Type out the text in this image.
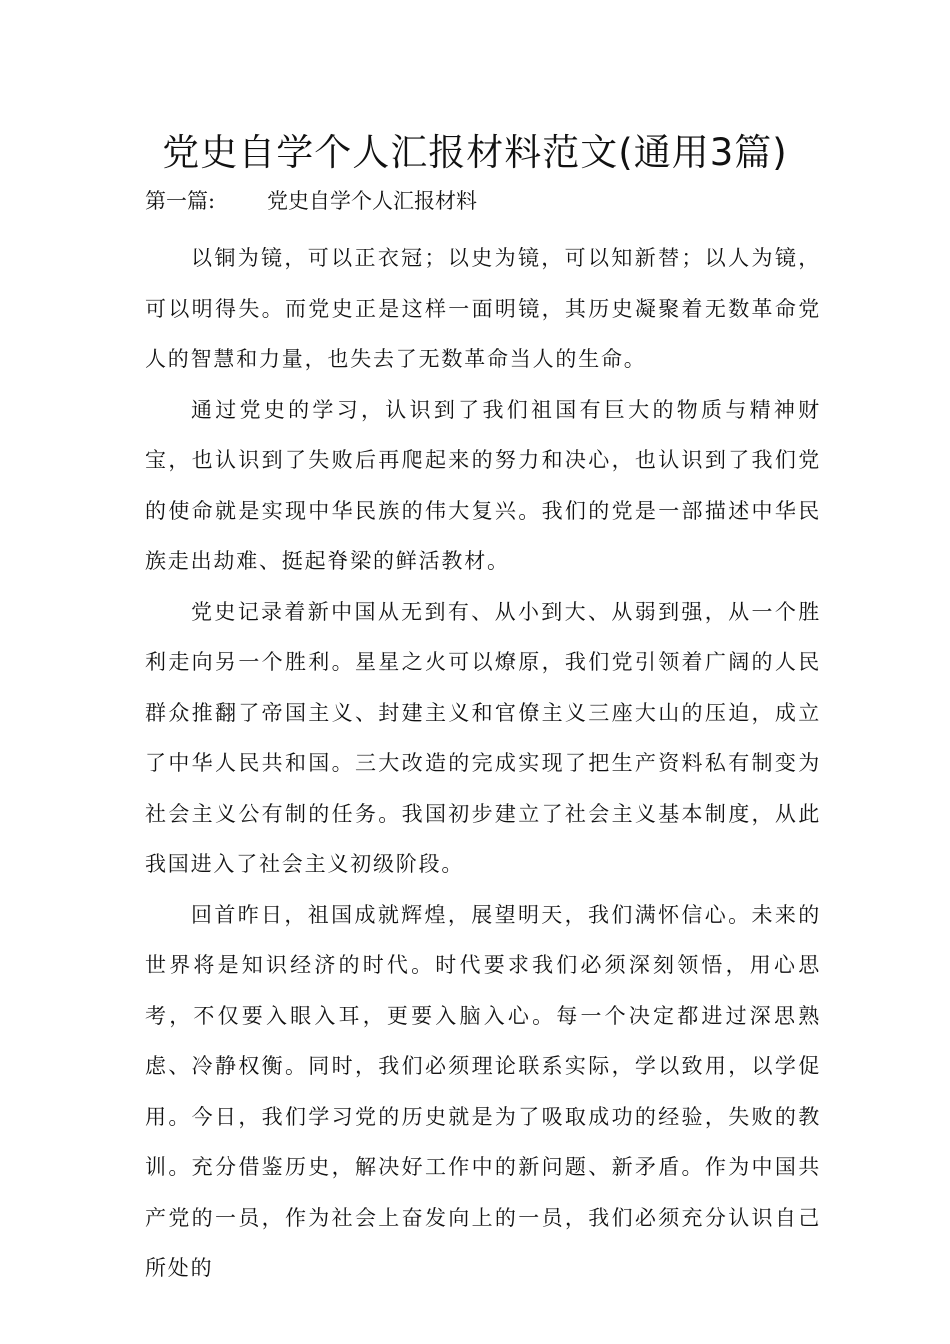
党史自学个人汇报材料范文(通用3篇)
第一篇: 党史自学个人汇报材料

以铜为镜，可以正衣冠；以史为镜，可以知新替；以人为镜，可以明得失。而党史正是这样一面明镜，其历史凝聚着无数革命党人的智慧和力量，也失去了无数革命当人的生命。

通过党史的学习，认识到了我们祖国有巨大的物质与精神财宝，也认识到了失败后再爬起来的努力和决心，也认识到了我们党的使命就是实现中华民族的伟大复兴。我们的党是一部描述中华民族走出劫难、挺起脊梁的鲜活教材。

党史记录着新中国从无到有、从小到大、从弱到强，从一个胜利走向另一个胜利。星星之火可以燎原，我们党引领着广阔的人民群众推翻了帝国主义、封建主义和官僚主义三座大山的压迫，成立了中华人民共和国。三大改造的完成实现了把生产资料私有制变为社会主义公有制的任务。我国初步建立了社会主义基本制度，从此我国进入了社会主义初级阶段。

回首昨日，祖国成就辉煌，展望明天，我们满怀信心。未来的世界将是知识经济的时代。时代要求我们必须深刻领悟，用心思考，不仅要入眼入耳，更要入脑入心。每一个决定都进过深思熟虑、冷静权衡。同时，我们必须理论联系实际，学以致用，以学促用。今日，我们学习党的历史就是为了吸取成功的经验，失败的教训。充分借鉴历史，解决好工作中的新问题、新矛盾。作为中国共产党的一员，作为社会上奋发向上的一员，我们必须充分认识自己所处的
